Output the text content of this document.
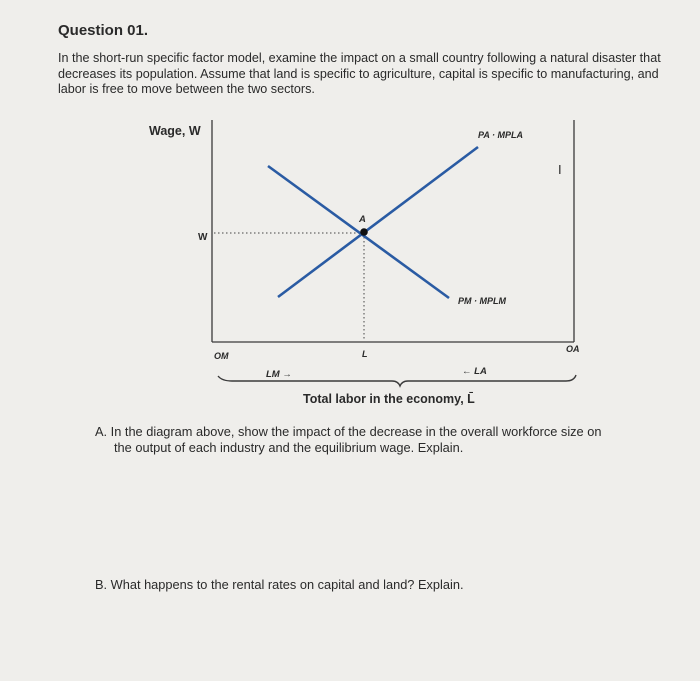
Question 01.
In the short-run specific factor model, examine the impact on a small country following a natural disaster that decreases its population. Assume that land is specific to agriculture, capital is specific to manufacturing, and labor is free to move between the two sectors.
Wage, W
W
A
PA · MPLA
PM · MPLM
I
OM	L	OA
LM →	← LA
Total labor in the economy, L̄
A. In the diagram above, show the impact of the decrease in the overall workforce size on
the output of each industry and the equilibrium wage. Explain.
B. What happens to the rental rates on capital and land? Explain.
